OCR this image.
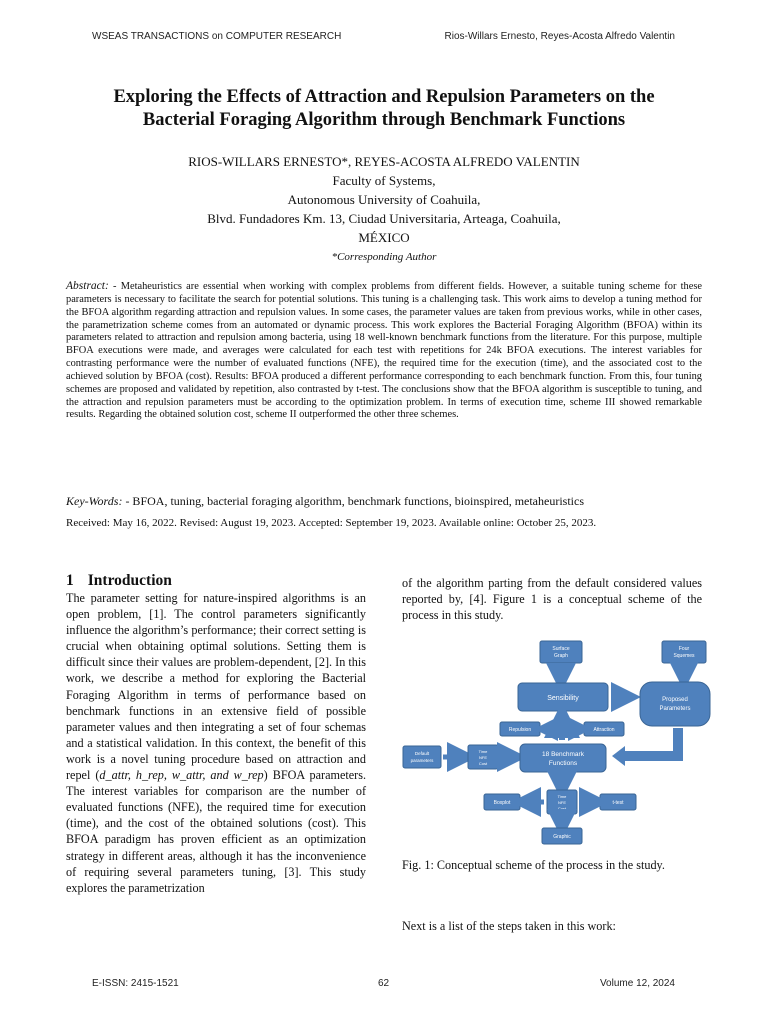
WSEAS TRANSACTIONS on COMPUTER RESEARCH	Rios-Willars Ernesto, Reyes-Acosta Alfredo Valentin
Exploring the Effects of Attraction and Repulsion Parameters on the
Bacterial Foraging Algorithm through Benchmark Functions
RIOS-WILLARS ERNESTO*, REYES-ACOSTA ALFREDO VALENTIN
Faculty of Systems,
Autonomous University of Coahuila,
Blvd. Fundadores Km. 13, Ciudad Universitaria, Arteaga, Coahuila,
MÉXICO
*Corresponding Author
Abstract: - Metaheuristics are essential when working with complex problems from different fields. However, a suitable tuning scheme for these parameters is necessary to facilitate the search for potential solutions. This tuning is a challenging task. This work aims to develop a tuning method for the BFOA algorithm regarding attraction and repulsion values. In some cases, the parameter values are taken from previous works, while in other cases, the parametrization scheme comes from an automated or dynamic process. This work explores the Bacterial Foraging Algorithm (BFOA) within its parameters related to attraction and repulsion among bacteria, using 18 well-known benchmark functions from the literature. For this purpose, multiple BFOA executions were made, and averages were calculated for each test with repetitions for 24k BFOA executions. The interest variables for contrasting performance were the number of evaluated functions (NFE), the required time for the execution (time), and the associated cost to the achieved solution by BFOA (cost). Results: BFOA produced a different performance corresponding to each benchmark function. From this, four tuning schemes are proposed and validated by repetition, also contrasted by t-test. The conclusions show that the BFOA algorithm is susceptible to tuning, and the attraction and repulsion parameters must be according to the optimization problem. In terms of execution time, scheme III showed remarkable results. Regarding the obtained solution cost, scheme II outperformed the other three schemes.
Key-Words: - BFOA, tuning, bacterial foraging algorithm, benchmark functions, bioinspired, metaheuristics
Received: May 16, 2022. Revised: August 19, 2023. Accepted: September 19, 2023. Available online: October 25, 2023.
1 Introduction
The parameter setting for nature-inspired algorithms is an open problem, [1]. The control parameters significantly influence the algorithm’s performance; their correct setting is crucial when obtaining optimal solutions. Setting them is difficult since their values are problem-dependent, [2]. In this work, we describe a method for exploring the Bacterial Foraging Algorithm in terms of performance based on benchmark functions in an extensive field of possible parameter values and then integrating a set of four schemas and a statistical validation. In this context, the benefit of this work is a novel tuning procedure based on attraction and repel (d_attr, h_rep, w_attr, and w_rep) BFOA parameters. The interest variables for comparison are the number of evaluated functions (NFE), the required time for execution (time), and the cost of the obtained solutions (cost). This BFOA paradigm has proven efficient as an optimization strategy in different areas, although it has the inconvenience of requiring several parameters tuning, [3]. This study explores the parametrization
of the algorithm parting from the default considered values reported by, [4]. Figure 1 is a conceptual scheme of the process in this study.
Surface
Graph
Four
Squemes
Sensibility	Proposed
Parameters
Repulsion	Attraction
Default
parameters
Time
NFE
Cost
18 Benchmark
Functions
Time
NFE
Cost
Boxplot	t-test
Graphic
Fig. 1: Conceptual scheme of the process in the study.
Next is a list of the steps taken in this work:
E-ISSN: 2415-1521	62	Volume 12, 2024
